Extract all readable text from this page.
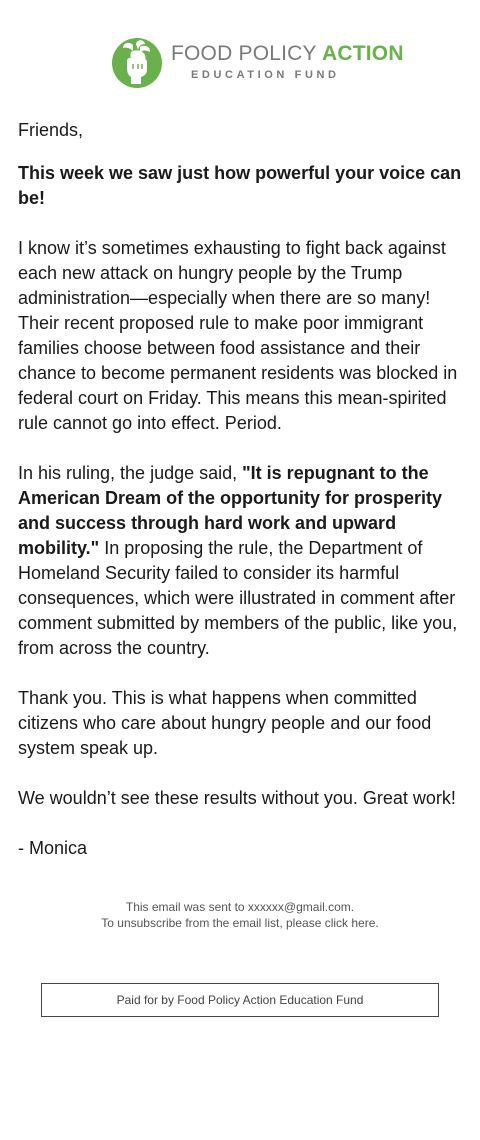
FOOD POLICY ACTION
EDUCATION FUND

Friends,

This week we saw just how powerful your voice can be!

I know it’s sometimes exhausting to fight back against each new attack on hungry people by the Trump administration—especially when there are so many! Their recent proposed rule to make poor immigrant families choose between food assistance and their chance to become permanent residents was blocked in federal court on Friday. This means this mean-spirited rule cannot go into effect. Period.

In his ruling, the judge said, "It is repugnant to the American Dream of the opportunity for prosperity and success through hard work and upward mobility." In proposing the rule, the Department of Homeland Security failed to consider its harmful consequences, which were illustrated in comment after comment submitted by members of the public, like you, from across the country.

Thank you. This is what happens when committed citizens who care about hungry people and our food system speak up.

We wouldn’t see these results without you. Great work!

- Monica

This email was sent to xxxxxx@gmail.com.

To unsubscribe from the email list, please click here.

Paid for by Food Policy Action Education Fund
